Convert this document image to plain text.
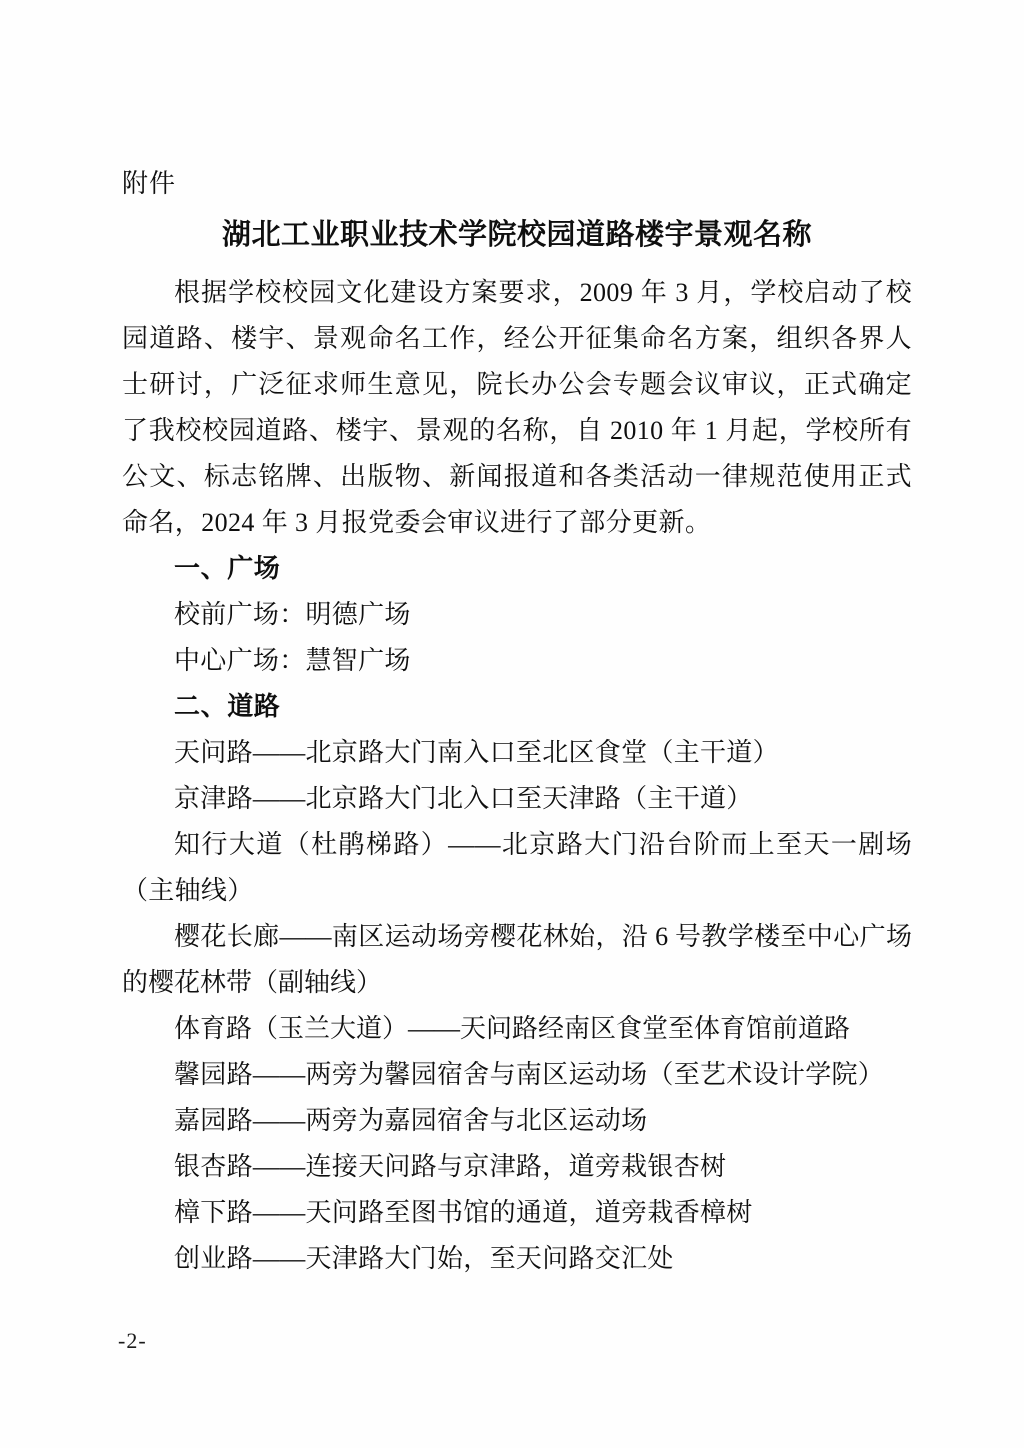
附件
湖北工业职业技术学院校园道路楼宇景观名称

根据学校校园文化建设方案要求，2009 年 3 月，学校启动了校园道路、楼宇、景观命名工作，经公开征集命名方案，组织各界人士研讨，广泛征求师生意见，院长办公会专题会议审议，正式确定了我校校园道路、楼宇、景观的名称，自 2010 年 1 月起，学校所有公文、标志铭牌、出版物、新闻报道和各类活动一律规范使用正式命名，2024 年 3 月报党委会审议进行了部分更新。

一、广场

校前广场：明德广场

中心广场：慧智广场

二、道路

天问路——北京路大门南入口至北区食堂（主干道）

京津路——北京路大门北入口至天津路（主干道）

知行大道（杜鹃梯路）——北京路大门沿台阶而上至天一剧场（主轴线）

樱花长廊——南区运动场旁樱花林始，沿 6 号教学楼至中心广场的樱花林带（副轴线）

体育路（玉兰大道）——天问路经南区食堂至体育馆前道路

馨园路——两旁为馨园宿舍与南区运动场（至艺术设计学院）

嘉园路——两旁为嘉园宿舍与北区运动场

银杏路——连接天问路与京津路，道旁栽银杏树

樟下路——天问路至图书馆的通道，道旁栽香樟树

创业路——天津路大门始，至天问路交汇处

-2-
